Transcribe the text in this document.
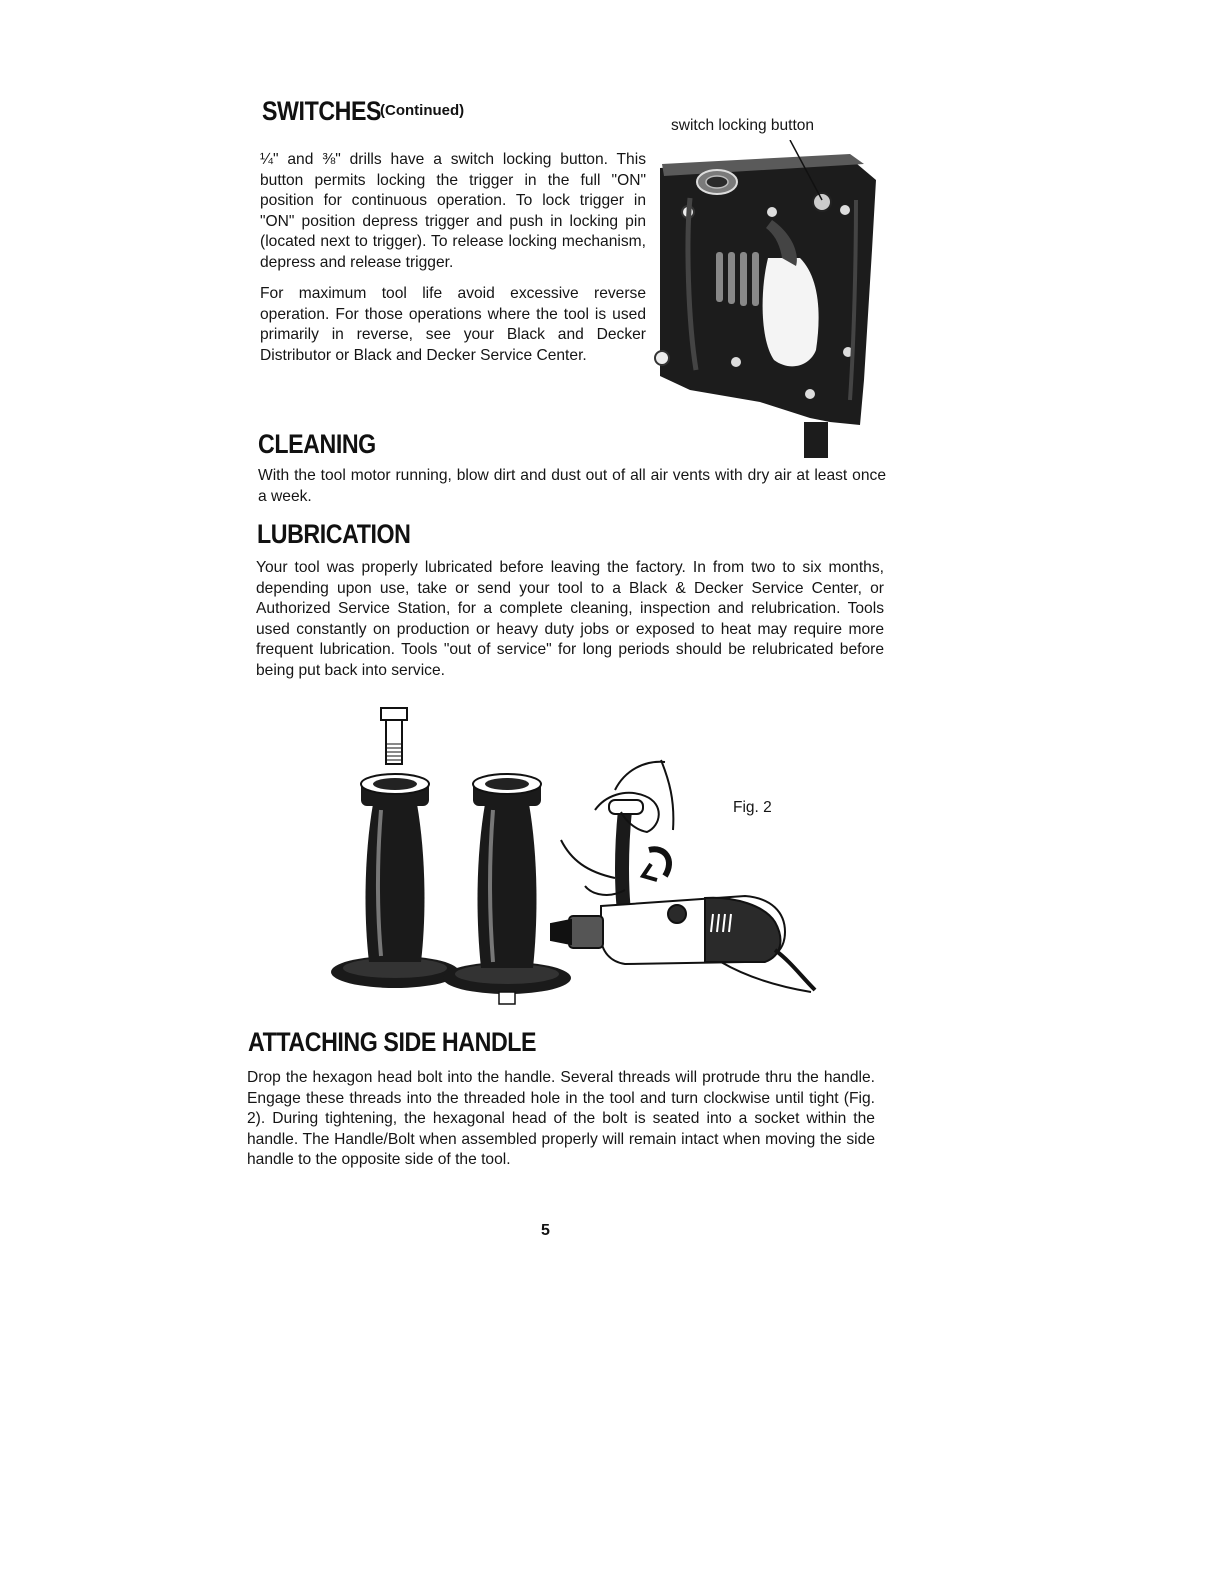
SWITCHES
(Continued)
switch locking button

¼" and ⅜" drills have a switch locking button. This button permits locking the trigger in the full "ON" position for continuous operation. To lock trigger in "ON" position depress trigger and push in locking pin (located next to trigger). To release locking mechanism, depress and release trigger.

For maximum tool life avoid excessive reverse operation. For those operations where the tool is used primarily in reverse, see your Black and Decker Distributor or Black and Decker Service Center.

CLEANING

With the tool motor running, blow dirt and dust out of all air vents with dry air at least once a week.

LUBRICATION

Your tool was properly lubricated before leaving the factory. In from two to six months, depending upon use, take or send your tool to a Black & Decker Service Center, or Authorized Service Station, for a complete cleaning, inspection and relubrication. Tools used constantly on production or heavy duty jobs or exposed to heat may require more frequent lubrication. Tools "out of service" for long periods should be relubricated before being put back into service.

Fig. 2
ATTACHING SIDE HANDLE

Drop the hexagon head bolt into the handle. Several threads will protrude thru the handle. Engage these threads into the threaded hole in the tool and turn clockwise until tight (Fig. 2). During tightening, the hexagonal head of the bolt is seated into a socket within the handle. The Handle/Bolt when assembled properly will remain intact when moving the side handle to the opposite side of the tool.

5
